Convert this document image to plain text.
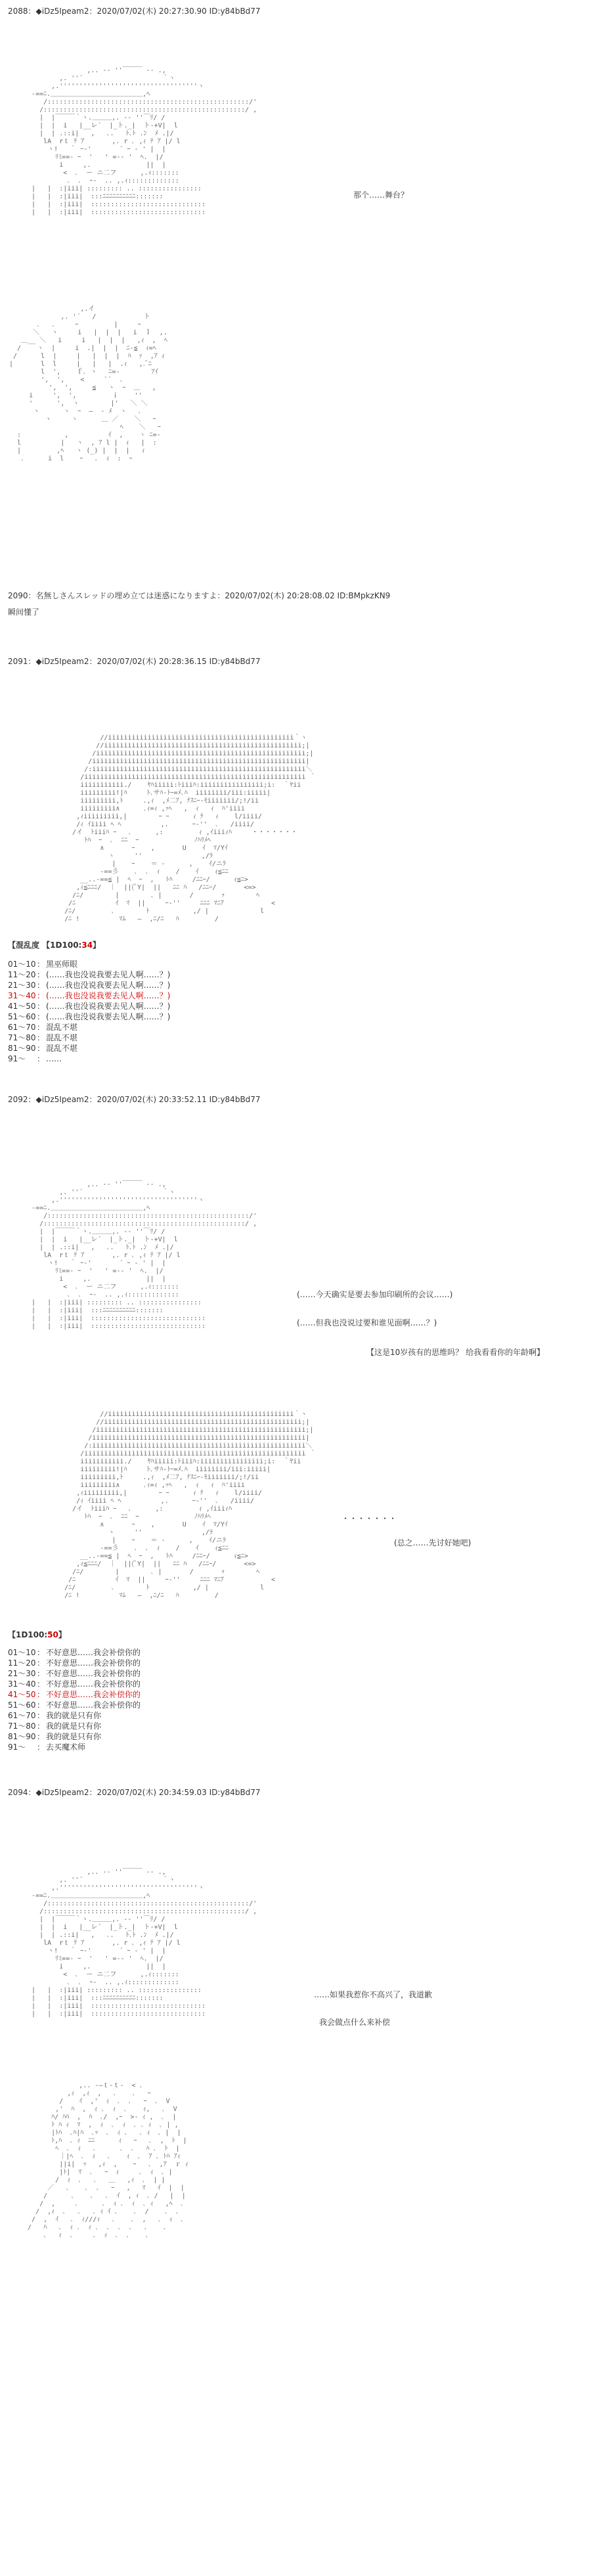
2088：◆iDz5Ipeam2：2020/07/02(木) 20:27:30.90 ID:y84bBd77
,.. -‐ ''￣￣￣ ‐- .,
,. ''´                    ｀ヽ
,.'''''''''''''''''''''''''''''''''''ヽ
-==ﾆ.＿＿＿＿＿＿＿＿＿＿＿＿＿＿,ﾍ
/:::::::::::::::::::::::::::::::::::::::::::::::::::/'
/:::::::::::::::::::::::::::::::::::::::::::::::::::/ ,
|  |￣￣￣｀ヽ.＿＿＿,. -‐ ''￣ﾘ/ /
|  |  i   |__レ´  |_ト._|  ト-+V|  l
|  | .::i|   ,   ､.   ﾄ､ﾄ .ﾝ  ﾒ .|/
lA  rｔ ﾃ ｱ       ,. r ､ ,ｨ ﾃ ｱ |/ l
ヽ!   ｀ ｰ‐'       ´ ｰ ‐ ' |  |
ﾘﾐ==- ｰ  '   ' =-‐ '  ﾍ.  |/
i     ,.              ||  |
<  ､  ー ニ二フ      ,.ｨ:::::::
､  ､  ｰ‐  .. ,.ｨ:::::::::::::
|   |  :|iii| ::::::::: .. ::::::::::::::::
|   |  :|iii|  :::ﾆﾆﾆﾆﾆﾆﾆﾆﾆﾆ:::::::
|   |  :|iii|  :::::::::::::::::::::::::::::
|   |  :|iii|  :::::::::::::::::::::::::::::
那个……舞台？
,.イ
,. '´   /            ト
､   ､     ｰ         |     ｰ
＼   ヽ     i   |  |  |   i  ｌ  ,.
＿__ ＼   i     i   |  |  |   ,ｨ  ,  ﾍ
/    ヽ  |     i  .|  |  |  ﾆ-≦  ｨ=ﾍ
/      l  |     |   |  |  |  ﾊ  ｧ  ,ｱ ｨ
|       l  l     |   |   |  .ｨ   ,.ﾞﾆ
l  ',    ｆ､ ヽ   ﾆ=-        ｱｲ
',  ',    <     ``  ､
',  ',     ≦   ヽ  ｰ  ＿   ,
i     ',  ',         ｉ    ''
'      ',  ヽ        |'   ＼ ＼
ヽ      ヽ  ｰ  ―  ‐ ﾒ  ヽ   ､
ヽ     ヽ      ＿ ／    ＼   ｰ
ﾍ    ＼   ｰ
:           ,          ｲ  ,    ヽ ﾆ=-
l          |   ヽ  , ｱ l |  ｨ   |  :
|         ,ﾍ   ヽ (_) |  |  |   ｨ
､      i  l    ｰ   ､  ｨ  :  ｰ
2090：名無しさんスレッドの埋め立ては迷惑になりますよ：2020/07/02(木) 20:28:08.02 ID:BMpkzKN9
瞬间懂了
2091：◆iDz5Ipeam2：2020/07/02(木) 20:28:36.15 ID:y84bBd77
//iiiiiiiiiiiiiiiiiiiiiiiiiiiiiiiiiiiiiiiiiiiiiii｀ヽ
//iiiiiiiiiiiiiiiiiiiiiiiiiiiiiiiiiiiiiiiiiiiiiiiiii;|
/iiiiiiiiiiiiiiiiiiiiiiiiiiiiiiiiiiiiiiiiiiiiiiiiiiiii;|
/iiiiiiiiiiiiiiiiiiiiiiiiiiiiiiiiiiiiiiiiiiiiiiiiiiiiii|
/:iiiiiiiiiiiiiiiiiiiiiiiiiiiiiiiiiiiiiiiiiiiiiiiiiiiiii＼
/iiiiiiiiiiiiiiiiiiiiiiiiiiiiiiiiiiiiiiiiiiiiiiiiiiiiiiii ｀
iiiiiiiiiii./    ﾔﾊiiiii:ﾄiiiﾊ:iiiiiiiiiiiiiiii;i:  ｀ﾔii
iiiiiiiii!|ﾊ     ﾄ､サﾊ-ﾄｰ=ﾒ､ﾊ  iiiiiiii/iii:iiiii|
iiiiiiiii,ﾄ     .,ｨ  ,ﾒ二ｱ, ﾅｽﾆｰ-ﾓiiiiiii/;!/ii
iiiiiiiii∧      ､ｨ=ｨ ,ｯﾍ   ,  ｨ   ｨ  ﾊ'iiii
,ｨiiiiiiiii,|        ｰ ｰ      ｨ ﾃ   ｨ    l/iiii/
/ｨ ｲiiii ﾍ ﾍ          ,.      ｰ‐''  ､   /iiii/
/イ  ﾄiiiﾊ ｰ   ､      ,:         ｨ ,ｲiiiｨﾊ     ・・・・・・・
ﾄﾊ  ｰ  ､  ﾆﾆ  ｰ              ﾉﾊﾘﾒﾍ
∧       ｰ    ,       U    ｲ  ﾏ/Yｲ
ヽ     ''               ,/ﾗ
|    ｰ    ＝ -      ,    ｲ/ニﾗ
-==彡    ､  ､  ｨ    /    ｲ    ｨ≦ﾆﾆ
__..-==≦ |  ﾍ  ｰ  ,   ﾄﾊ     /ﾆﾆｰ/      ｨ≦ﾆ>
,ｨ≦ﾆﾆﾆ/  ｜  ||(ﾟY|  ||   ﾆﾆ ﾊ   /ﾆﾆｰ/       <=>
/ﾆ/        |        ､ |       /       ｯ        ﾍ
/ﾆ          ｲ  ﾏ  ||     ｰ-''     ﾆﾆﾆ ﾏﾆｱ            <
/ﾆ/         ､        ﾄ           ,/ |             l
/ﾆ !          ﾏﾑ   ―  ,ﾆ/ﾆ   ﾊ         /
【混乱度 【1D100:34】
01〜10： 黑巫师眼
11〜20： (……我也没说我要去见人啊……？)
21〜30： (……我也没说我要去见人啊……？)
31〜40： (……我也没说我要去见人啊……？)
41〜50： (……我也没说我要去见人啊……？)
51〜60： (……我也没说我要去见人啊……？)
61〜70： 混乱不堪
71〜80： 混乱不堪
81〜90： 混乱不堪
91〜 ： ……
2092：◆iDz5Ipeam2：2020/07/02(木) 20:33:52.11 ID:y84bBd77
,.. -‐ ''￣￣￣ ‐- .,
,. ''´                    ｀ヽ
,.'''''''''''''''''''''''''''''''''''ヽ
-==ﾆ.＿＿＿＿＿＿＿＿＿＿＿＿＿＿,ﾍ
/:::::::::::::::::::::::::::::::::::::::::::::::::::/'
/:::::::::::::::::::::::::::::::::::::::::::::::::::/ ,
|  |￣￣￣｀ヽ.＿＿＿,. -‐ ''￣ﾘ/ /
|  |  i   |__レ´  |_ト._|  ト-+V|  l
|  | .::i|   ,   ､.   ﾄ､ﾄ .ﾝ  ﾒ .|/
lA  rｔ ﾃ ｱ       ,. r ､ ,ｨ ﾃ ｱ |/ l
ヽ!   ｀ ｰ‐'       ´ ｰ ‐ ' |  |
ﾘﾐ==- ｰ  '   ' =-‐ '  ﾍ.  |/
i     ,.              ||  |
<  ､  ー ニ二フ      ,.ｨ:::::::
､  ､  ｰ‐  .. ,.ｨ:::::::::::::
|   |  :|iii| ::::::::: .. ::::::::::::::::
|   |  :|iii|  :::ﾆﾆﾆﾆﾆﾆﾆﾆﾆﾆ:::::::
|   |  :|iii|  :::::::::::::::::::::::::::::
|   |  :|iii|  :::::::::::::::::::::::::::::
(……今天确实是要去参加印刷所的会议……)
(……但我也没说过要和谁见面啊……？)
【这是10岁孩有的思维吗？ 给我看看你的年龄啊】
//iiiiiiiiiiiiiiiiiiiiiiiiiiiiiiiiiiiiiiiiiiiiiii｀ヽ
//iiiiiiiiiiiiiiiiiiiiiiiiiiiiiiiiiiiiiiiiiiiiiiiiii;|
/iiiiiiiiiiiiiiiiiiiiiiiiiiiiiiiiiiiiiiiiiiiiiiiiiiiii;|
/iiiiiiiiiiiiiiiiiiiiiiiiiiiiiiiiiiiiiiiiiiiiiiiiiiiiii|
/:iiiiiiiiiiiiiiiiiiiiiiiiiiiiiiiiiiiiiiiiiiiiiiiiiiiiii＼
/iiiiiiiiiiiiiiiiiiiiiiiiiiiiiiiiiiiiiiiiiiiiiiiiiiiiiiii ｀
iiiiiiiiiii./    ﾔﾊiiiii:ﾄiiiﾊ:iiiiiiiiiiiiiiii;i:  ｀ﾔii
iiiiiiiii!|ﾊ     ﾄ､サﾊ-ﾄｰ=ﾒ､ﾊ  iiiiiiii/iii:iiiii|
iiiiiiiii,ﾄ     .,ｨ  ,ﾒ二ｱ, ﾅｽﾆｰ-ﾓiiiiiii/;!/ii
iiiiiiiii∧      ､ｨ=ｨ ,ｯﾍ   ,  ｨ   ｨ  ﾊ'iiii
,ｨiiiiiiiii,|        ｰ ｰ      ｨ ﾃ   ｨ    l/iiii/
/ｨ ｲiiii ﾍ ﾍ          ,.      ｰ‐''  ､   /iiii/
/イ  ﾄiiiﾊ ｰ   ､      ,:         ｨ ,ｲiiiｨﾊ
ﾄﾊ  ｰ  ､  ﾆﾆ  ｰ              ﾉﾊﾘﾒﾍ
∧       ｰ    ,       U    ｲ  ﾏ/Yｲ
ヽ     ''               ,/ﾗ
|    ｰ    ＝ -      ,    ｲ/ニﾗ
-==彡    ､  ､  ｨ    /    ｲ    ｨ≦ﾆﾆ
__..-==≦ |  ﾍ  ｰ  ,   ﾄﾊ     /ﾆﾆｰ/      ｨ≦ﾆ>
,ｨ≦ﾆﾆﾆ/  ｜  ||(ﾟY|  ||   ﾆﾆ ﾊ   /ﾆﾆｰ/       <=>
/ﾆ/        |        ､ |       /       ｯ        ﾍ
/ﾆ          ｲ  ﾏ  ||     ｰ-''     ﾆﾆﾆ ﾏﾆｱ            <
/ﾆ/         ､        ﾄ           ,/ |             l
/ﾆ !          ﾏﾑ   ―  ,ﾆ/ﾆ   ﾊ         /
・・・・・・・
(总之……先讨好她吧)
【1D100:50】
01〜10： 不好意思……我会补偿你的
11〜20： 不好意思……我会补偿你的
21〜30： 不好意思……我会补偿你的
31〜40： 不好意思……我会补偿你的
41〜50： 不好意思……我会补偿你的
51〜60： 不好意思……我会补偿你的
61〜70： 我的就是只有你
71〜80： 我的就是只有你
81〜90： 我的就是只有你
91〜 ： 去买魔术师
2094：◆iDz5Ipeam2：2020/07/02(木) 20:34:59.03 ID:y84bBd77
,.. -‐ ''￣￣￣ ‐- .,
,. ''´                    ｀ヽ
,.'''''''''''''''''''''''''''''''''''ヽ
-==ﾆ.＿＿＿＿＿＿＿＿＿＿＿＿＿＿,ﾍ
/:::::::::::::::::::::::::::::::::::::::::::::::::::/'
/:::::::::::::::::::::::::::::::::::::::::::::::::::/ ,
|  |￣￣￣｀ヽ.＿＿＿,. -‐ ''￣ﾘ/ /
|  |  i   |__レ´  |_ト._|  ト-+V|  l
|  | .::i|   ,   ､.   ﾄ､ﾄ .ﾝ  ﾒ .|/
lA  rｔ ﾃ ｱ       ,. r ､ ,ｨ ﾃ ｱ |/ l
ヽ!   ｀ ｰ‐'       ´ ｰ ‐ ' |  |
ﾘﾐ==- ｰ  '   ' =-‐ '  ﾍ.  |/
i     ,.              ||  |
<  ､  ー ニ二フ      ,.ｨ:::::::
､  ､  ｰ‐  .. ,.ｨ:::::::::::::
|   |  :|iii| ::::::::: .. ::::::::::::::::
|   |  :|iii|  :::ﾆﾆﾆﾆﾆﾆﾆﾆﾆﾆ:::::::
|   |  :|iii|  :::::::::::::::::::::::::::::
|   |  :|iii|  :::::::::::::::::::::::::::::
……如果我惹你不高兴了，我道歉
我会做点什么来补偿
,.. -―ｔ-ｔ-  < ､
,ｨ  ,ｨ  ,   ､    ､   ｰ
/    ｲ  ,'  ｨ  ､  ､   ｰ  ､  V
,'  ﾊ  ,  ｨ ､  ｨ  ､    ｨ,   ､  V
ﾊ/ ﾊﾊ  ,  ﾊ  ､/  ,ｰ  >- ｨ ,  ､  |
ﾄ ﾊ ｨ  ﾏ  ,  ｨ  ､  ｨ  ､ ､ ｨ  ､ | ,
|ﾄﾊ  ､ﾊ|ﾊ  ､ｯ  ､  ｨ ､   ､ ｨ  ､ |  |
ﾄ,ﾊ  ､ ｨ  ﾆﾆ      ｨ   ｰ   ､  ,  ﾄ  |
ﾍ  ､  ｨ   ､      ､  ､   ﾊ ､  ﾄ  |
｜|ﾍ  ､  ｨ   ､    ｨ  ､  ｱ ､ ﾄﾊ ｱｨ
||i|  ｯ   ,ｨ  ,    ｰ   ､  ,ｱ  ｒ ｨ
|ﾄ|  ﾏ  ､   ｰ  ｨ     ､  ｨ  ､ |
/  ｨ  ､   ､   ＿   ,ｨ  ､  | |
／   ､    ､  ､   ｰ   ,   ﾏ   ｲ  |  |
/      ､    ､   ､  ｲ  , ｨ  ､ /   |  |
/  ,     ､      ､  ｨ ､  ｨ  ､ ｨ   ,ﾍ  ､
/  ,ｨ  ､   ､   ､ ｨ ｲ ､    ､  /    ､  ､
/  ,  ｲ   ､  ｨ///ｨ   ､    ､  ,   ､  ｨ  ､
/   ﾊ   ､  ｨ ､  ｨ ､  ､  ､  ､   ､    ､
､   ｨ  ､     ､  ｨ  ､  ､    ､
